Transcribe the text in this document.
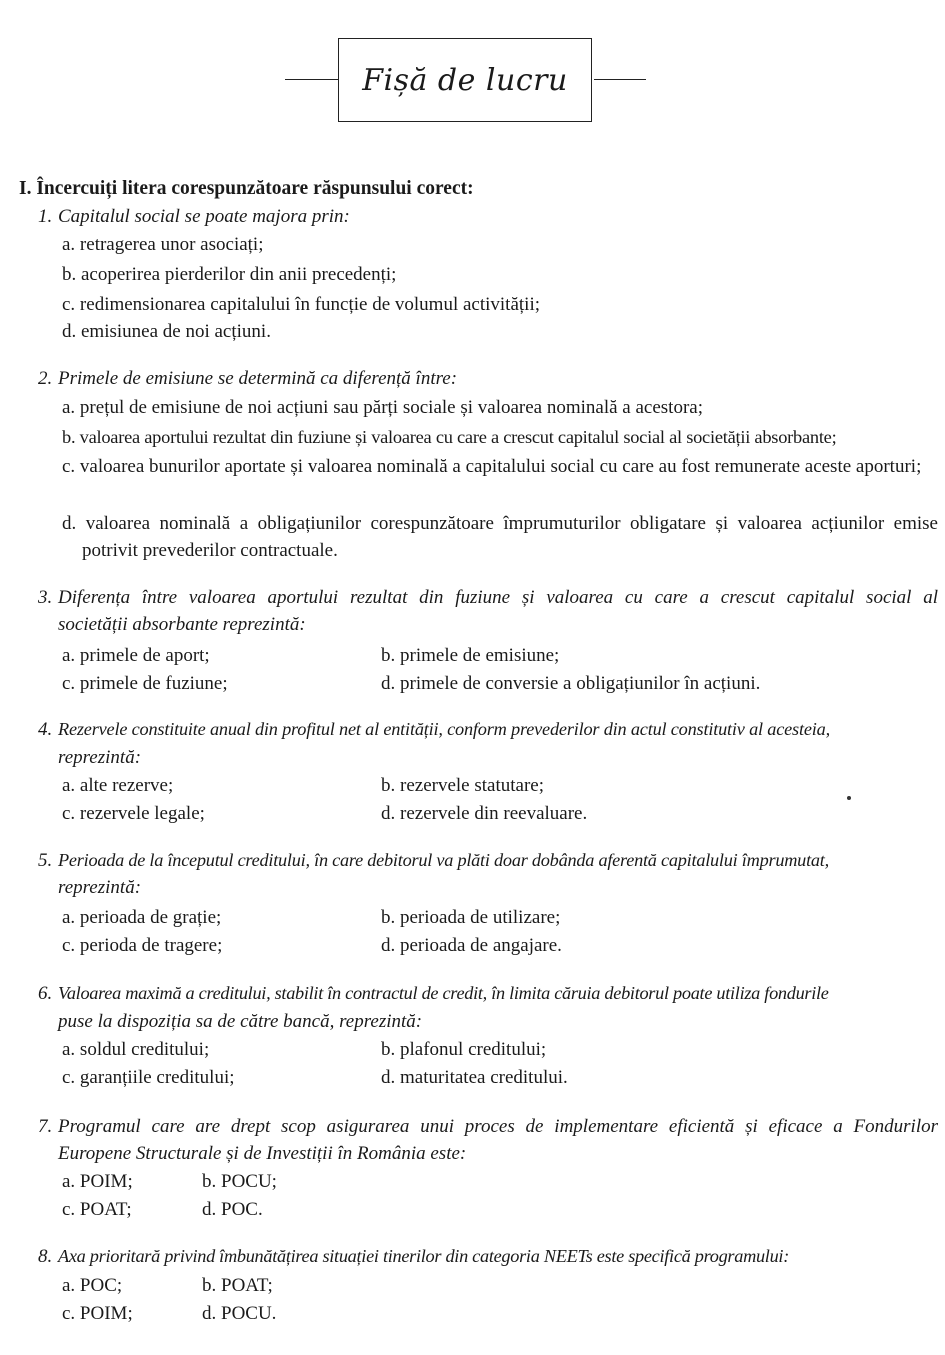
Fișă de lucru
I. Încercuiți litera corespunzătoare răspunsului corect:
1. Capitalul social se poate majora prin:
a. retragerea unor asociați;
b. acoperirea pierderilor din anii precedenți;
c. redimensionarea capitalului în funcție de volumul activității;
d. emisiunea de noi acțiuni.
2. Primele de emisiune se determină ca diferență între:
a. prețul de emisiune de noi acțiuni sau părți sociale și valoarea nominală a acestora;
b. valoarea aportului rezultat din fuziune și valoarea cu care a crescut capitalul social al societății absorbante;
c. valoarea bunurilor aportate și valoarea nominală a capitalului social cu care au fost remunerate aceste aporturi;
d. valoarea nominală a obligațiunilor corespunzătoare împrumuturilor obligatare și valoarea acțiunilor emise potrivit prevederilor contractuale.
3. Diferența între valoarea aportului rezultat din fuziune și valoarea cu care a crescut capitalul social al
societății absorbante reprezintă:
a. primele de aport;	b. primele de emisiune;
c. primele de fuziune;	d. primele de conversie a obligațiunilor în acțiuni.
4. Rezervele constituite anual din profitul net al entității, conform prevederilor din actul constitutiv al acesteia,
reprezintă:
a. alte rezerve;	b. rezervele statutare;
c. rezervele legale;	d. rezervele din reevaluare.
5. Perioada de la începutul creditului, în care debitorul va plăti doar dobânda aferentă capitalului împrumutat,
reprezintă:
a. perioada de grație;	b. perioada de utilizare;
c. perioda de tragere;	d. perioada de angajare.
6. Valoarea maximă a creditului, stabilit în contractul de credit, în limita căruia debitorul poate utiliza fondurile
puse la dispoziția sa de către bancă, reprezintă:
a. soldul creditului;	b. plafonul creditului;
c. garanțiile creditului;	d. maturitatea creditului.
7. Programul care are drept scop asigurarea unui proces de implementare eficientă și eficace a Fondurilor
Europene Structurale și de Investiții în România este:
a. POIM;	b. POCU;
c. POAT;	d. POC.
8. Axa prioritară privind îmbunătățirea situației tinerilor din categoria NEETs este specifică programului:
a. POC;	b. POAT;
c. POIM;	d. POCU.
